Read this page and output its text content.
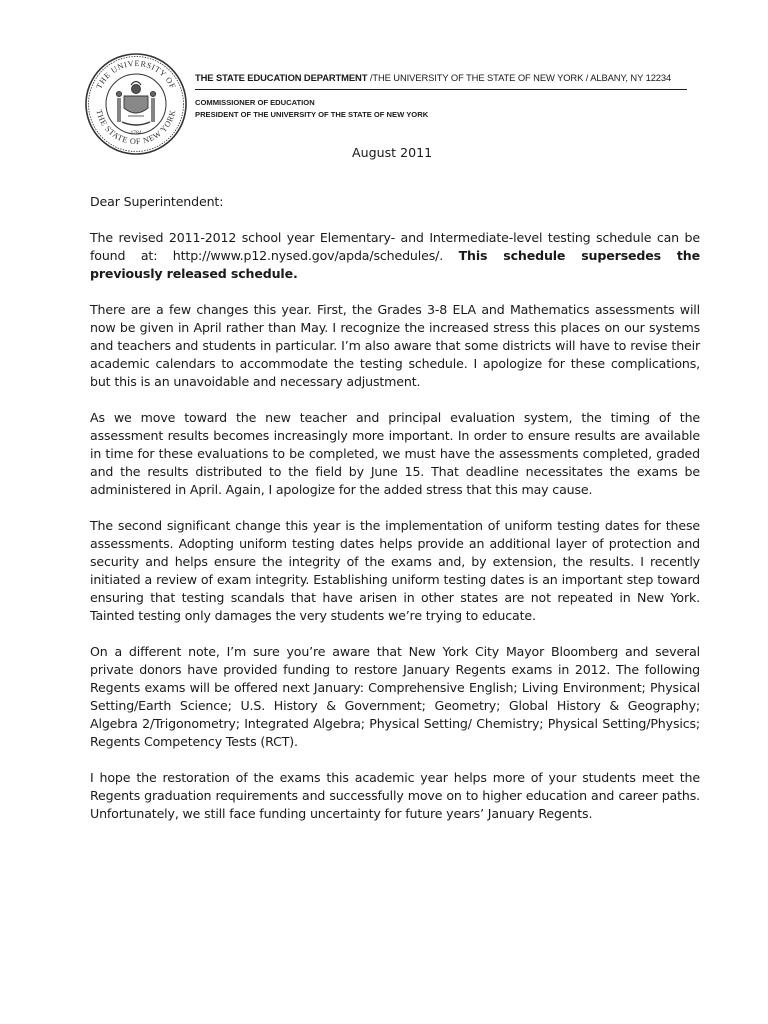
THE UNIVERSITY OF
THE STATE OF NEW YORK
1784
THE STATE EDUCATION DEPARTMENT /THE UNIVERSITY OF THE STATE OF NEW YORK / ALBANY, NY 12234
COMMISSIONER OF EDUCATION
PRESIDENT OF THE UNIVERSITY OF THE STATE OF NEW YORK
August 2011

Dear Superintendent:

The revised 2011-2012 school year Elementary- and Intermediate-level testing schedule can be found at: http://www.p12.nysed.gov/apda/schedules/. This schedule supersedes the previously released schedule.

There are a few changes this year. First, the Grades 3-8 ELA and Mathematics assessments will now be given in April rather than May. I recognize the increased stress this places on our systems and teachers and students in particular. I’m also aware that some districts will have to revise their academic calendars to accommodate the testing schedule. I apologize for these complications, but this is an unavoidable and necessary adjustment.

As we move toward the new teacher and principal evaluation system, the timing of the assessment results becomes increasingly more important. In order to ensure results are available in time for these evaluations to be completed, we must have the assessments completed, graded and the results distributed to the field by June 15. That deadline necessitates the exams be administered in April. Again, I apologize for the added stress that this may cause.

The second significant change this year is the implementation of uniform testing dates for these assessments. Adopting uniform testing dates helps provide an additional layer of protection and security and helps ensure the integrity of the exams and, by extension, the results. I recently initiated a review of exam integrity. Establishing uniform testing dates is an important step toward ensuring that testing scandals that have arisen in other states are not repeated in New York. Tainted testing only damages the very students we’re trying to educate.

On a different note, I’m sure you’re aware that New York City Mayor Bloomberg and several private donors have provided funding to restore January Regents exams in 2012. The following Regents exams will be offered next January: Comprehensive English; Living Environment; Physical Setting/Earth Science; U.S. History & Government; Geometry; Global History & Geography; Algebra 2/Trigonometry; Integrated Algebra; Physical Setting/ Chemistry; Physical Setting/Physics; Regents Competency Tests (RCT).

I hope the restoration of the exams this academic year helps more of your students meet the Regents graduation requirements and successfully move on to higher education and career paths. Unfortunately, we still face funding uncertainty for future years’ January Regents.
